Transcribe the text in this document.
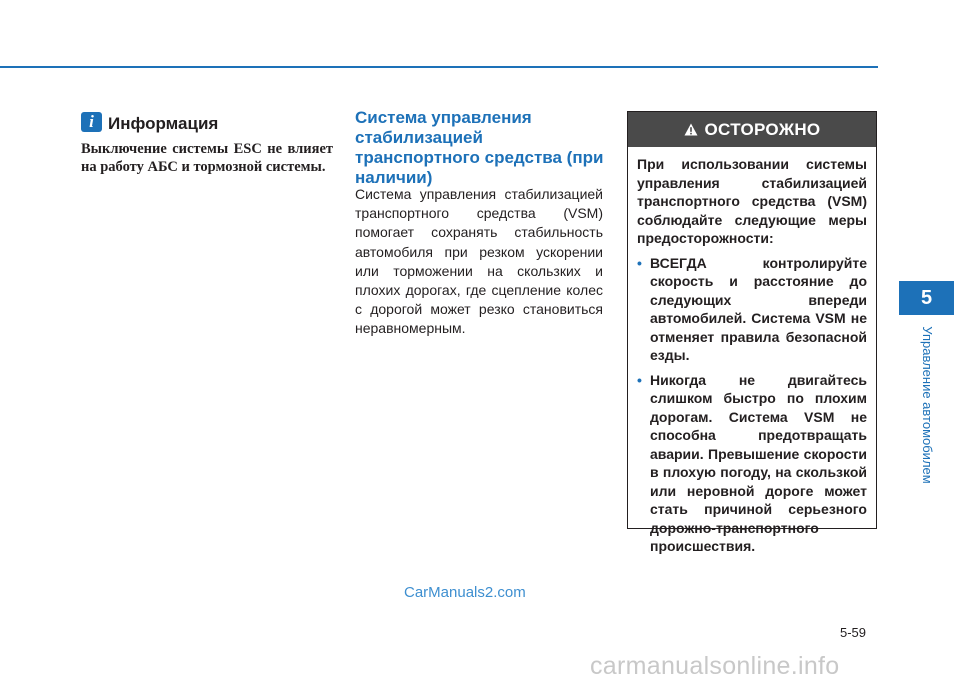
i Информация

Выключение системы ESC не влияет на работу АБС и тормозной системы.

Система управления стабилизацией транспортного средства (при наличии)

Система управления стабилизацией транспортного средства (VSM) помогает сохранять стабильность автомобиля при резком ускорении или торможении на скользких и плохих дорогах, где сцепление колес с дорогой может резко становиться неравномерным.

ОСТОРОЖНО

При использовании системы управления стабилизацией транспортного средства (VSM) соблюдайте следующие меры предосторожности:

• ВСЕГДА контролируйте скорость и расстояние до следующих впереди автомобилей. Система VSM не отменяет правила безопасной езды.
• Никогда не двигайтесь слишком быстро по плохим дорогам. Система VSM не способна предотвращать аварии. Превышение скорости в плохую погоду, на скользкой или неровной дороге может стать причиной серьезного дорожно-транспортного происшествия.
5
Управление автомобилем
CarManuals2.com
5-59
carmanualsonline.info
